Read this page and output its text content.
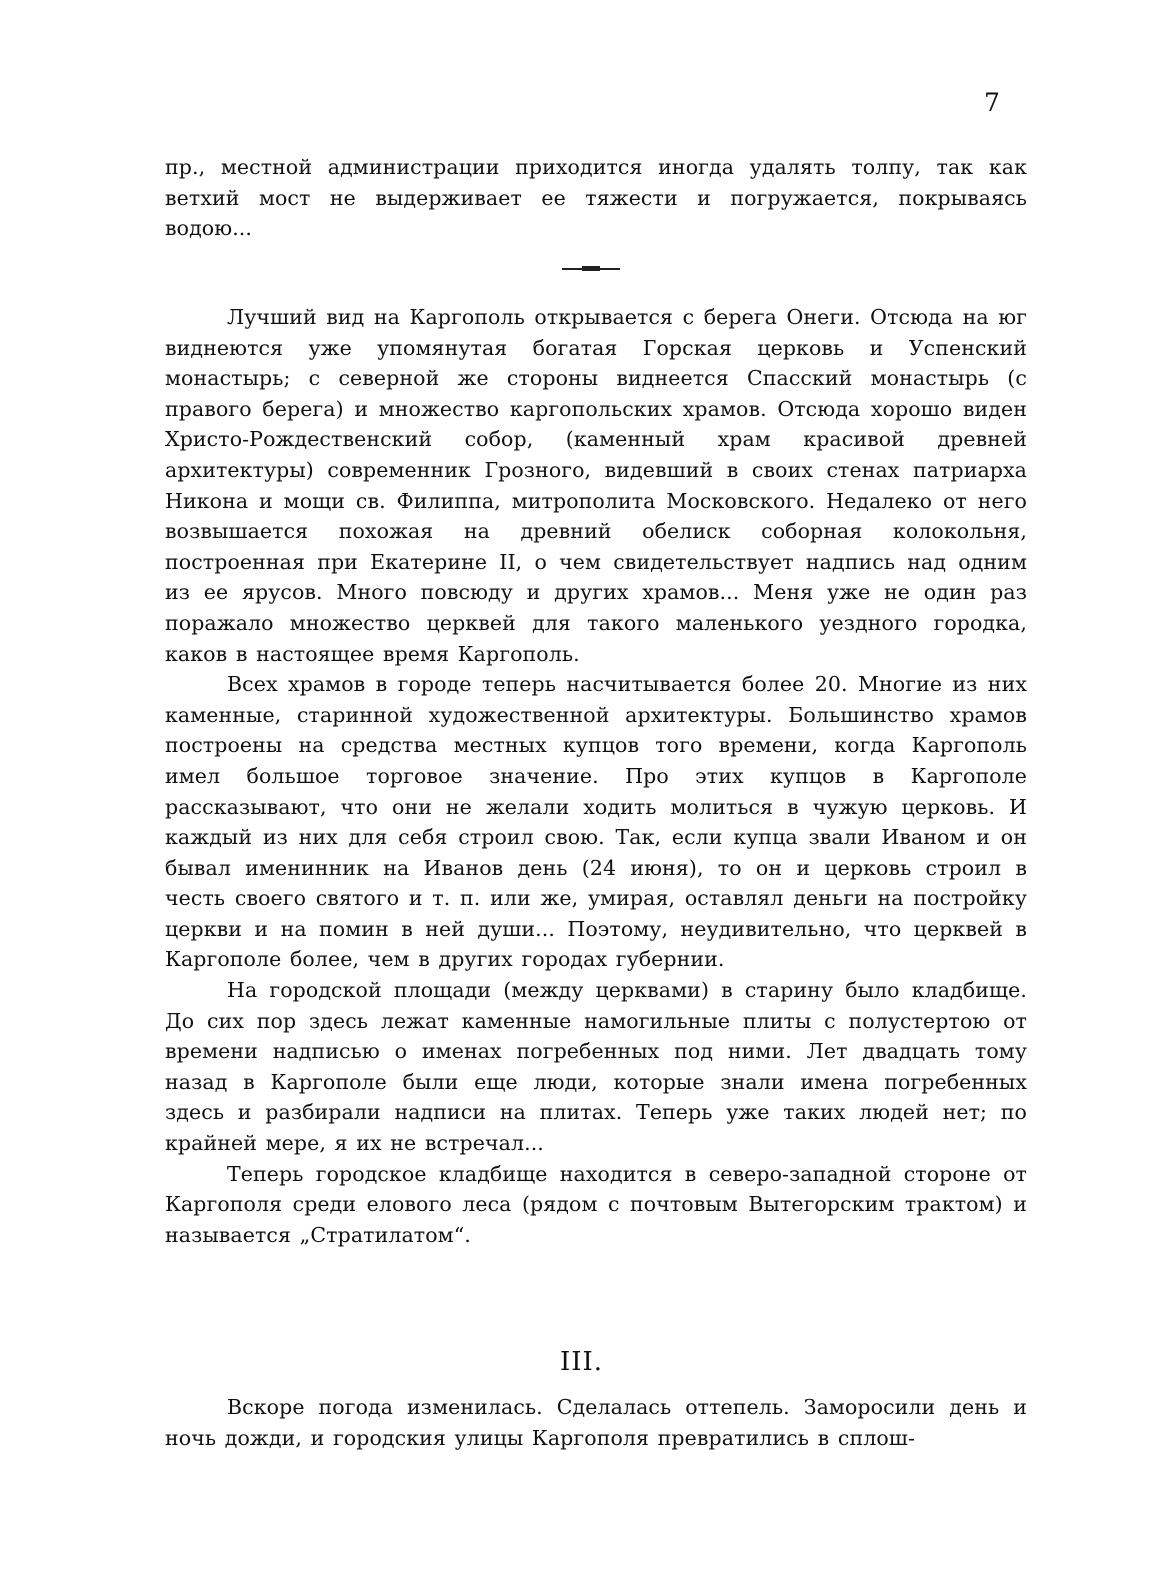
7

пр., местной администрации приходится иногда удалять толпу, так как ветхий мост не выдерживает ее тяжести и погружается, покрываясь водою...

Лучший вид на Каргополь открывается с берега Онеги. Отсюда на юг виднеются уже упомянутая богатая Горская церковь и Успенский монастырь; с северной же стороны виднеется Спасский монастырь (с правого берега) и множество каргопольских храмов. Отсюда хорошо виден Христо-Рождественский собор, (каменный храм красивой древней архитектуры) современник Грозного, видевший в своих стенах патриарха Никона и мощи св. Филиппа, митрополита Московского. Недалеко от него возвышается похожая на древний обелиск соборная колокольня, построенная при Екатерине II, о чем свидетельствует надпись над одним из ее ярусов. Много повсюду и других храмов... Меня уже не один раз поражало множество церквей для такого маленького уездного городка, каков в настоящее время Каргополь.

Всех храмов в городе теперь насчитывается более 20. Многие из них каменные, старинной художественной архитектуры. Большинство храмов построены на средства местных купцов того времени, когда Каргополь имел большое торговое значение. Про этих купцов в Каргополе рассказывают, что они не желали ходить молиться в чужую церковь. И каждый из них для себя строил свою. Так, если купца звали Иваном и он бывал именинник на Иванов день (24 июня), то он и церковь строил в честь своего святого и т. п. или же, умирая, оставлял деньги на постройку церкви и на помин в ней души... Поэтому, неудивительно, что церквей в Каргополе более, чем в других городах губернии.

На городской площади (между церквами) в старину было кладбище. До сих пор здесь лежат каменные намогильные плиты с полустертою от времени надписью о именах погребенных под ними. Лет двадцать тому назад в Каргополе были еще люди, которые знали имена погребенных здесь и разбирали надписи на плитах. Теперь уже таких людей нет; по крайней мере, я их не встречал...

Теперь городское кладбище находится в северо-западной стороне от Каргополя среди елового леса (рядом с почтовым Вытегорским трактом) и называется „Стратилатом“.

III.

Вскоре погода изменилась. Сделалась оттепель. Заморосили день и ночь дожди, и городския улицы Каргополя превратились в сплош-
